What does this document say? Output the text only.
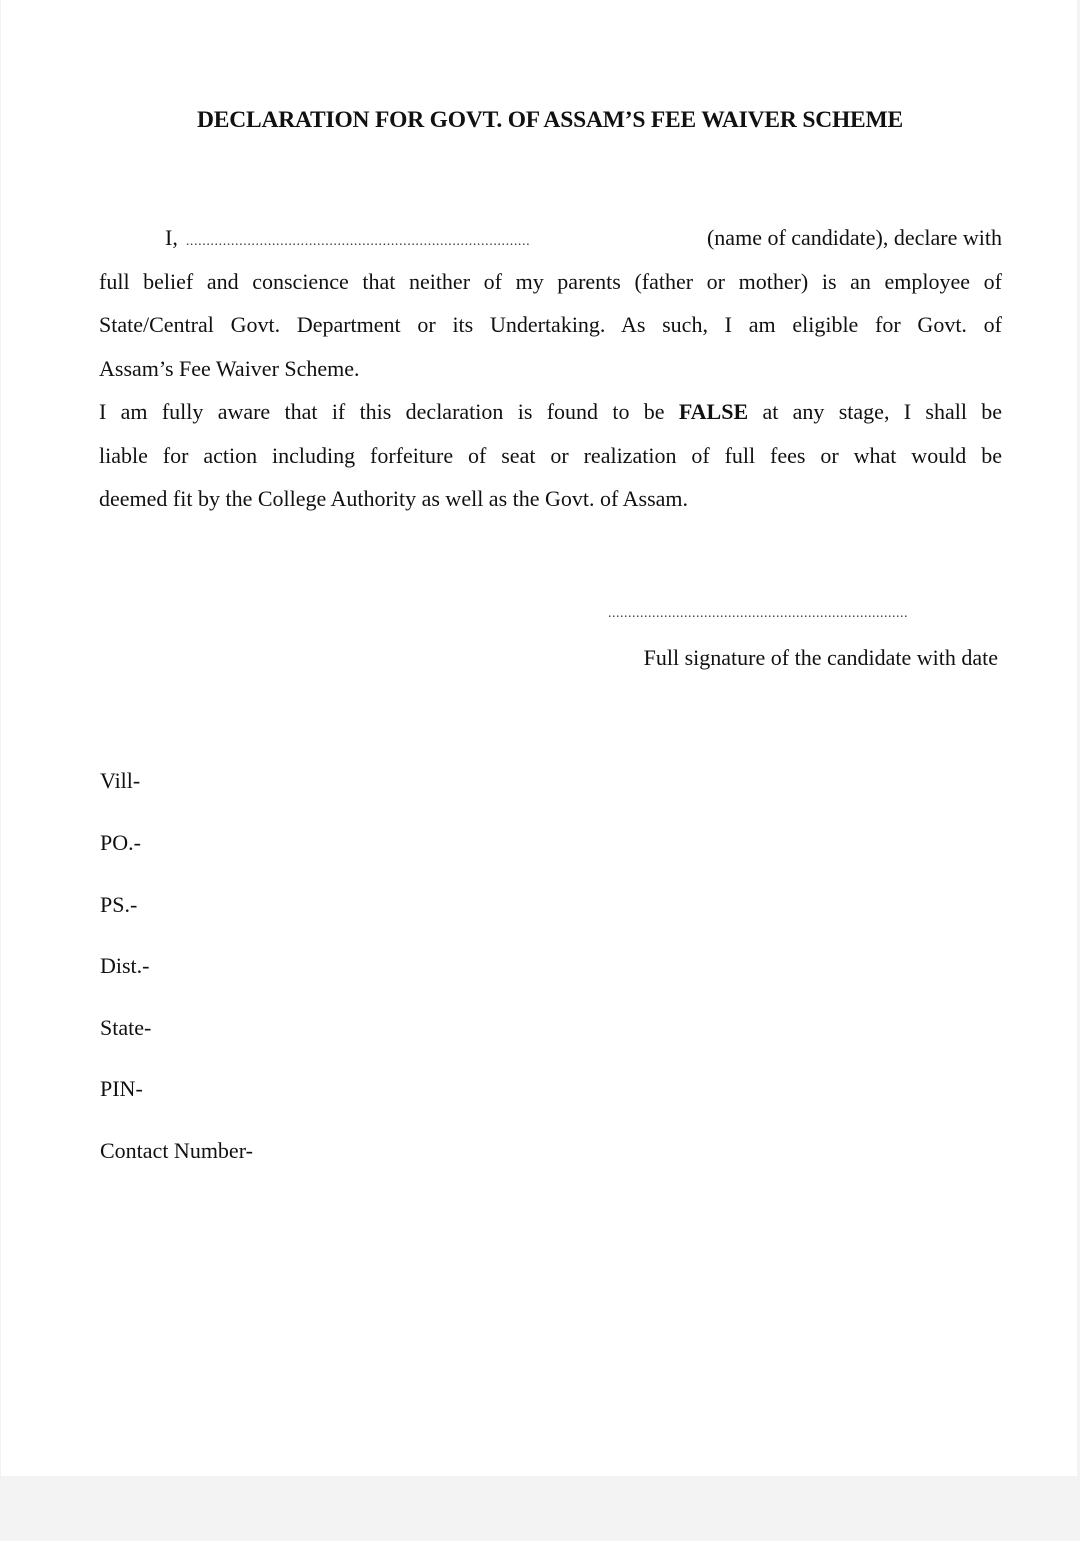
DECLARATION FOR GOVT. OF ASSAM’S FEE WAIVER SCHEME
I, ....................................................................................	(name of candidate), declare with
full belief and conscience that neither of my parents (father or mother) is an employee of
State/Central Govt. Department or its Undertaking. As such, I am eligible for Govt. of
Assam’s Fee Waiver Scheme.
I am fully aware that if this declaration is found to be FALSE at any stage, I shall be
liable for action including forfeiture of seat or realization of full fees or what would be
deemed fit by the College Authority as well as the Govt. of Assam.
...........................................................................
Full signature of the candidate with date
Vill-
PO.-
PS.-
Dist.-
State-
PIN-
Contact Number-
